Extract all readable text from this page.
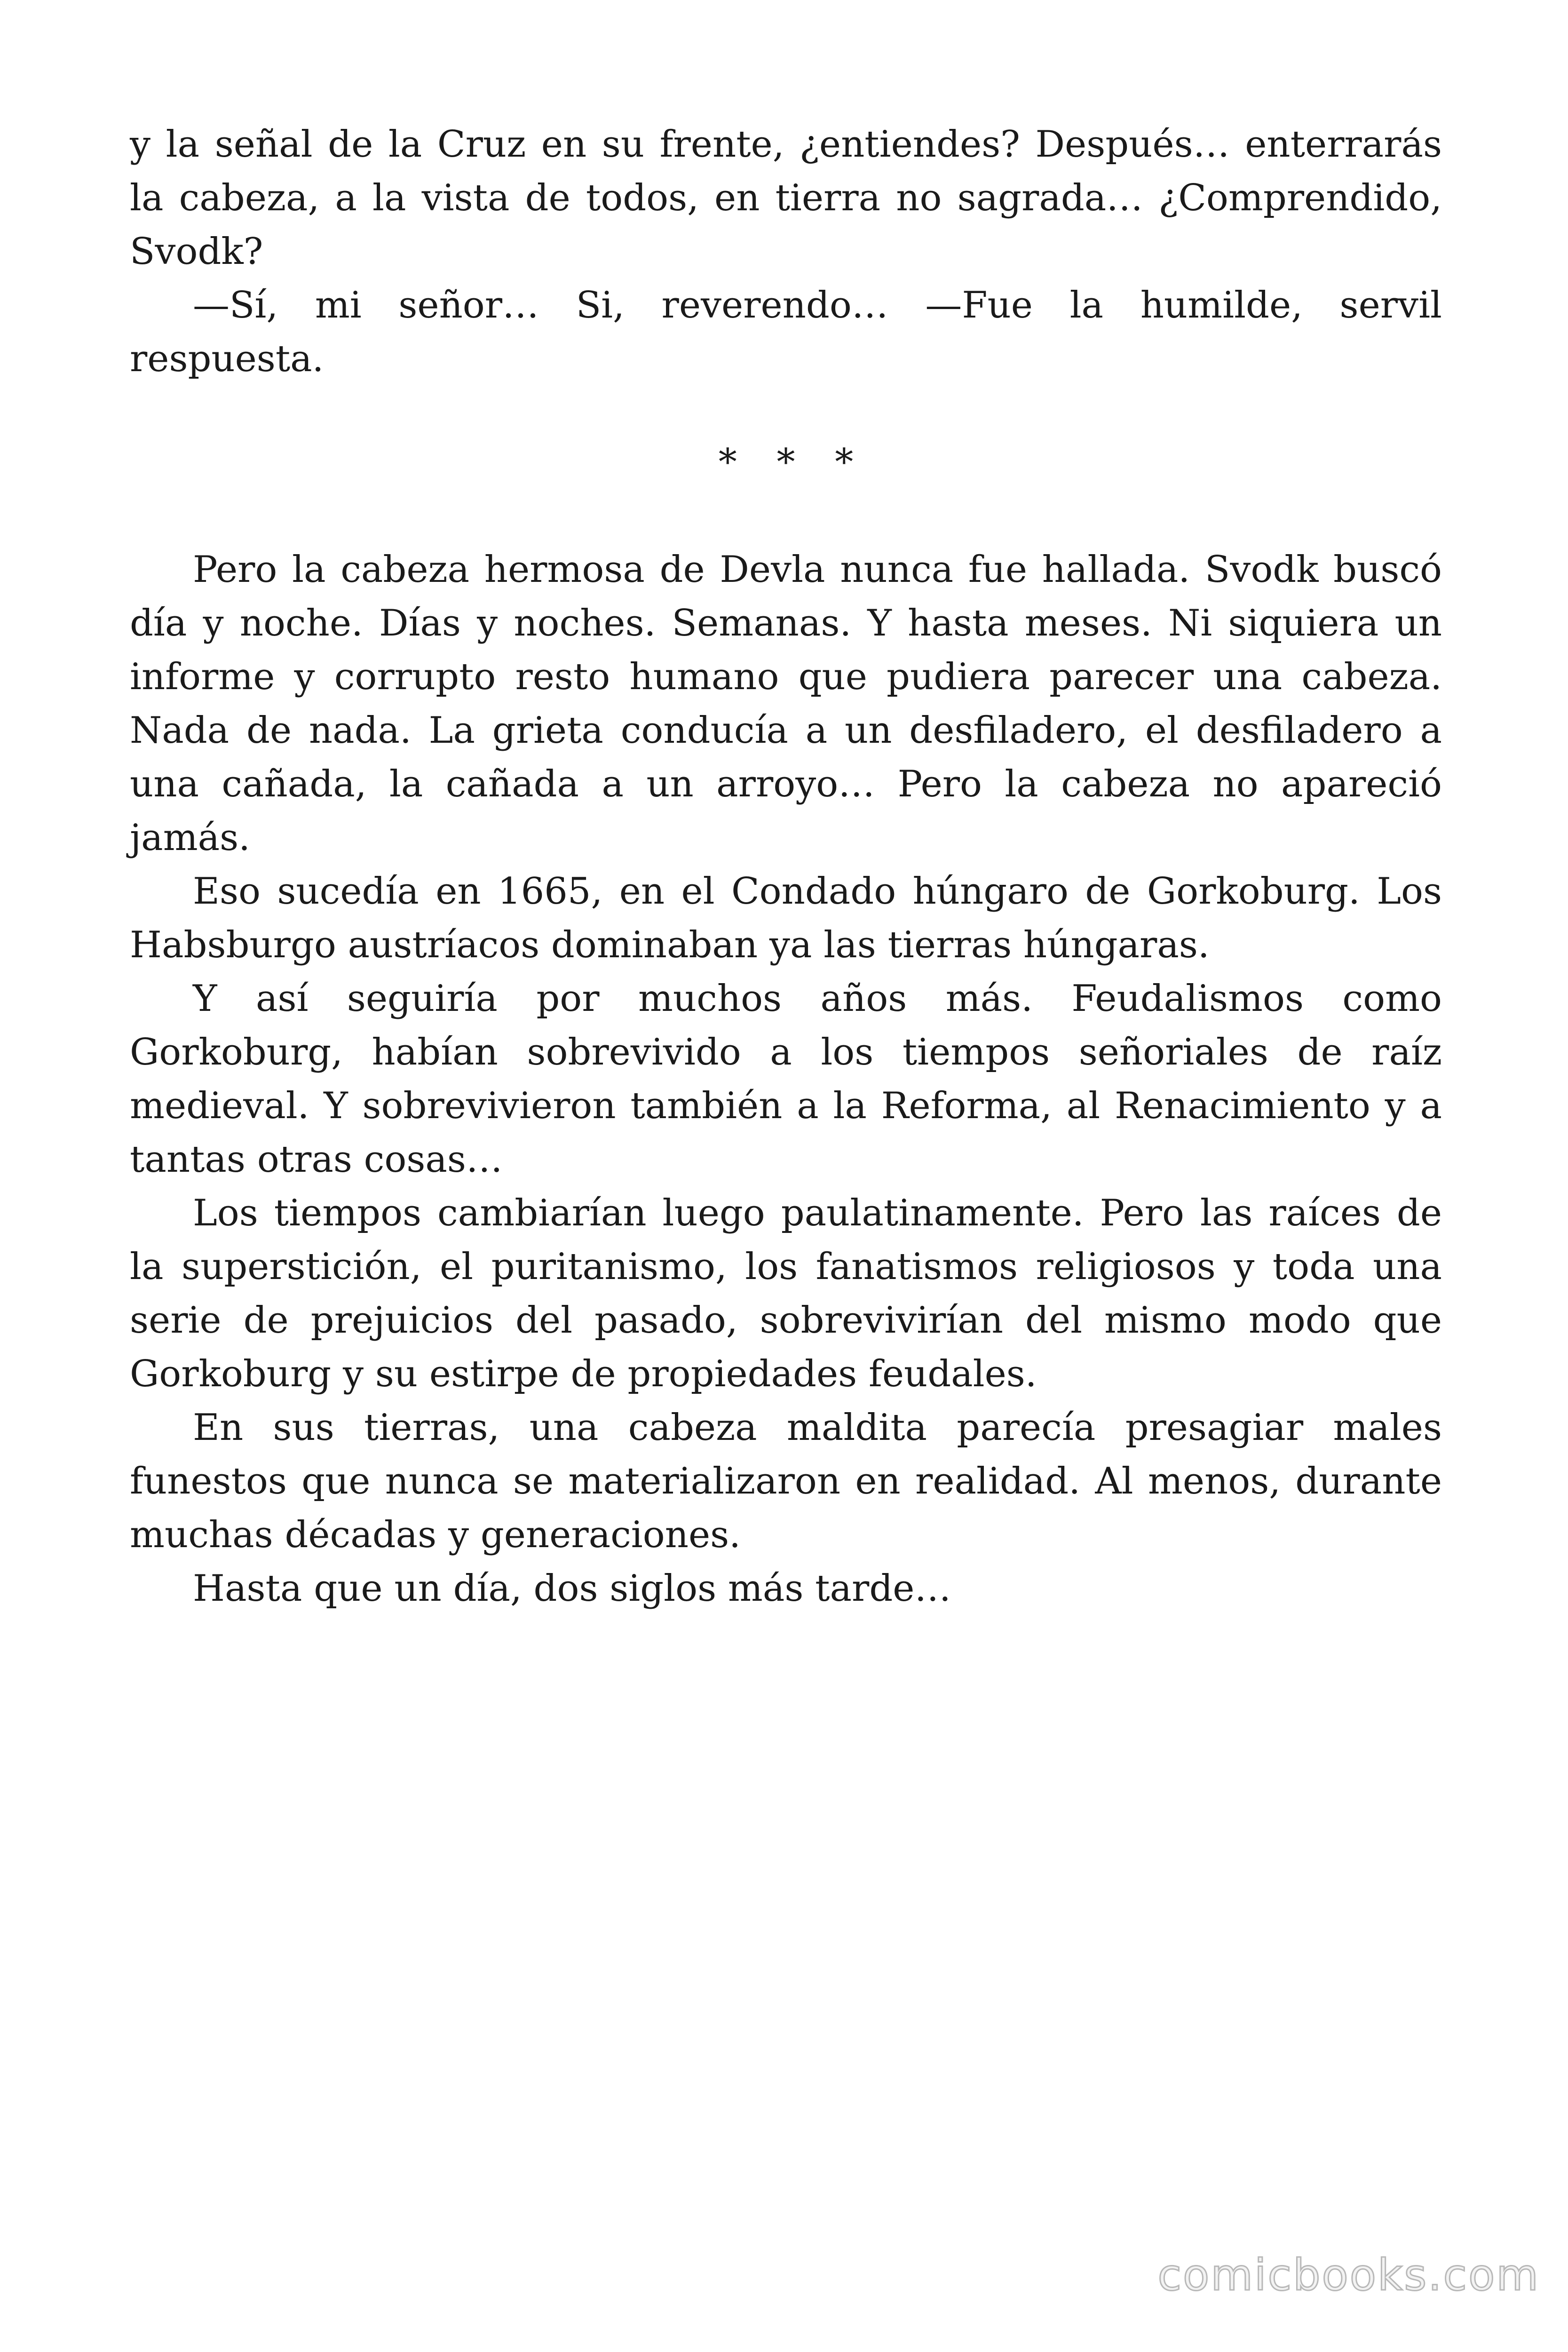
y la señal de la Cruz en su frente, ¿entiendes? Después… enterrarás la cabeza, a la vista de todos, en tierra no sagrada… ¿Comprendido, Svodk?

—Sí, mi señor… Si, reverendo… —Fue la humilde, servil respuesta.

* * *

Pero la cabeza hermosa de Devla nunca fue hallada. Svodk buscó día y noche. Días y noches. Semanas. Y hasta meses. Ni siquiera un informe y corrupto resto humano que pudiera parecer una cabeza. Nada de nada. La grieta conducía a un desfiladero, el desfiladero a una cañada, la cañada a un arroyo… Pero la cabeza no apareció jamás.

Eso sucedía en 1665, en el Condado húngaro de Gorkoburg. Los Habsburgo austríacos dominaban ya las tierras húngaras.

Y así seguiría por muchos años más. Feudalismos como Gorkoburg, habían sobrevivido a los tiempos señoriales de raíz medieval. Y sobrevivieron también a la Reforma, al Renacimiento y a tantas otras cosas…

Los tiempos cambiarían luego paulatinamente. Pero las raíces de la superstición, el puritanismo, los fanatismos religiosos y toda una serie de prejuicios del pasado, sobrevivirían del mismo modo que Gorkoburg y su estirpe de propiedades feudales.

En sus tierras, una cabeza maldita parecía presagiar males funestos que nunca se materializaron en realidad. Al menos, durante muchas décadas y generaciones.

Hasta que un día, dos siglos más tarde…

comicbooks.com
